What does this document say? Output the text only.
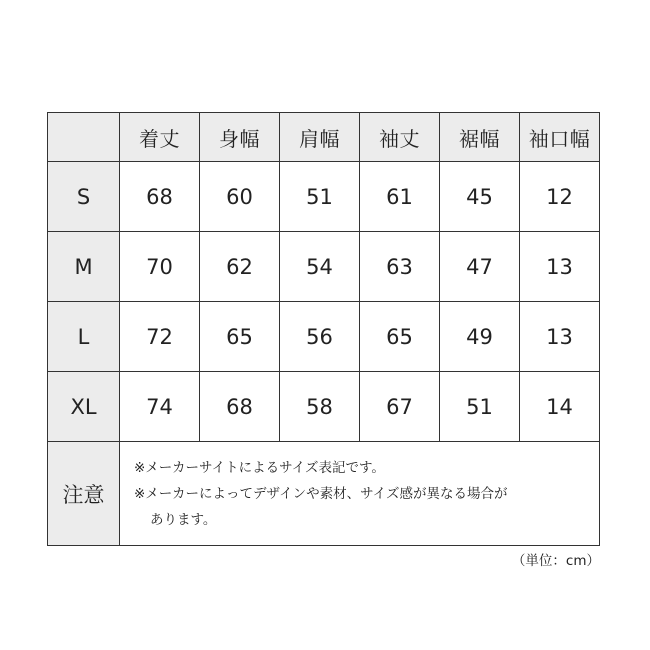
	着丈	身幅	肩幅	袖丈	裾幅	袖口幅
S	68	60	51	61	45	12
M	70	62	54	63	47	13
L	72	65	56	65	49	13
XL	74	68	58	67	51	14
注意	※メーカーサイトによるサイズ表記です。
※メーカーによってデザインや素材、サイズ感が異なる場合が
あります。					
（単位：cm）
